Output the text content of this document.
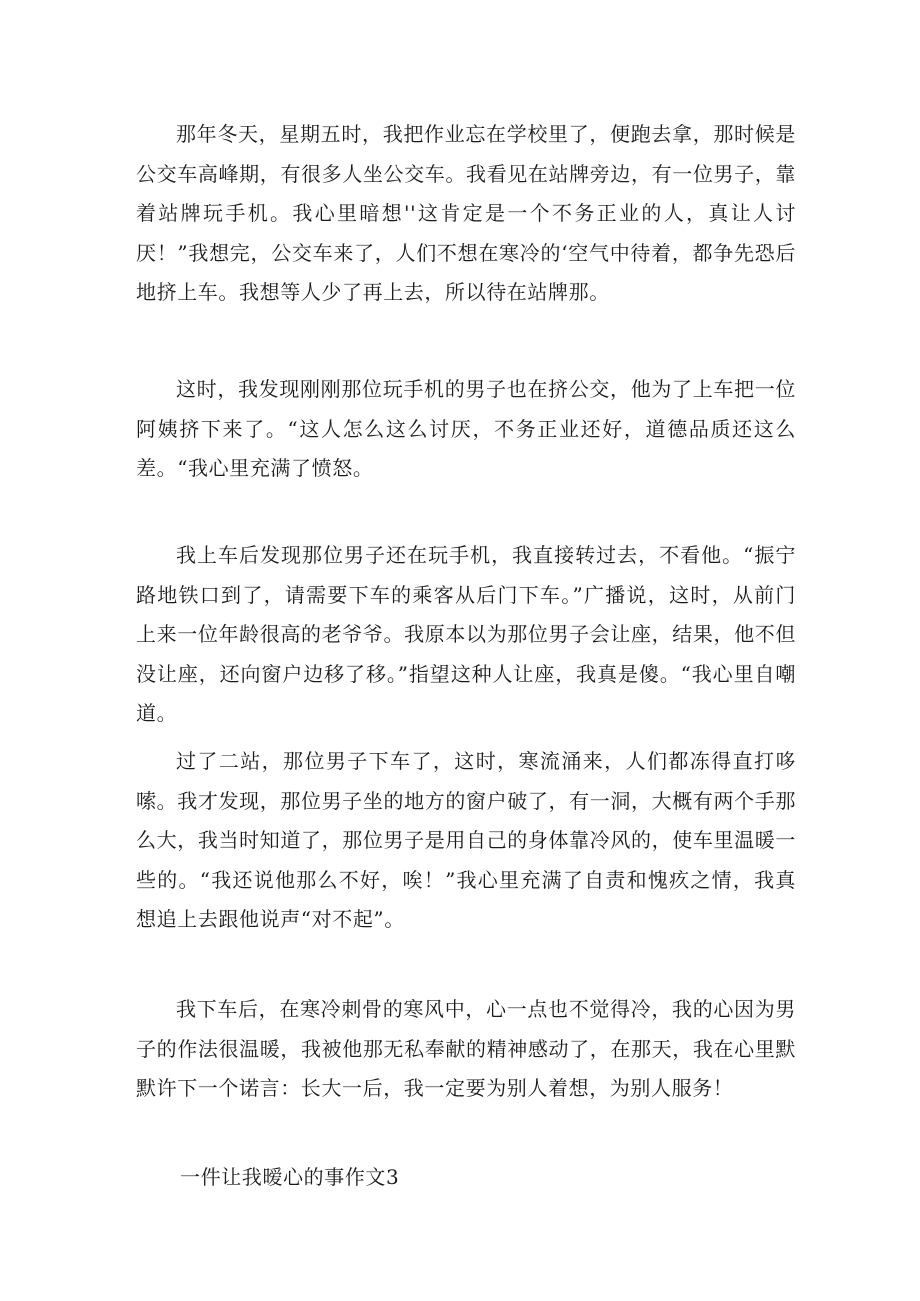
那年冬天，星期五时，我把作业忘在学校里了，便跑去拿，那时候是公交车高峰期，有很多人坐公交车。我看见在站牌旁边，有一位男子，靠着站牌玩手机。我心里暗想''这肯定是一个不务正业的人，真让人讨厌！”我想完，公交车来了，人们不想在寒冷的‘空气中待着，都争先恐后地挤上车。我想等人少了再上去，所以待在站牌那。

这时，我发现刚刚那位玩手机的男子也在挤公交，他为了上车把一位阿姨挤下来了。“这人怎么这么讨厌，不务正业还好，道德品质还这么差。“我心里充满了愤怒。

我上车后发现那位男子还在玩手机，我直接转过去，不看他。“振宁路地铁口到了，请需要下车的乘客从后门下车。”广播说，这时，从前门上来一位年龄很高的老爷爷。我原本以为那位男子会让座，结果，他不但没让座，还向窗户边移了移。”指望这种人让座，我真是傻。“我心里自嘲道。

过了二站，那位男子下车了，这时，寒流涌来，人们都冻得直打哆嗦。我才发现，那位男子坐的地方的窗户破了，有一洞，大概有两个手那么大，我当时知道了，那位男子是用自己的身体靠冷风的，使车里温暖一些的。“我还说他那么不好，唉！”我心里充满了自责和愧疚之情，我真想追上去跟他说声“对不起”。

我下车后，在寒冷刺骨的寒风中，心一点也不觉得冷，我的心因为男子的作法很温暖，我被他那无私奉献的精神感动了，在那天，我在心里默默许下一个诺言：长大一后，我一定要为别人着想，为别人服务！

一件让我暧心的事作文3
